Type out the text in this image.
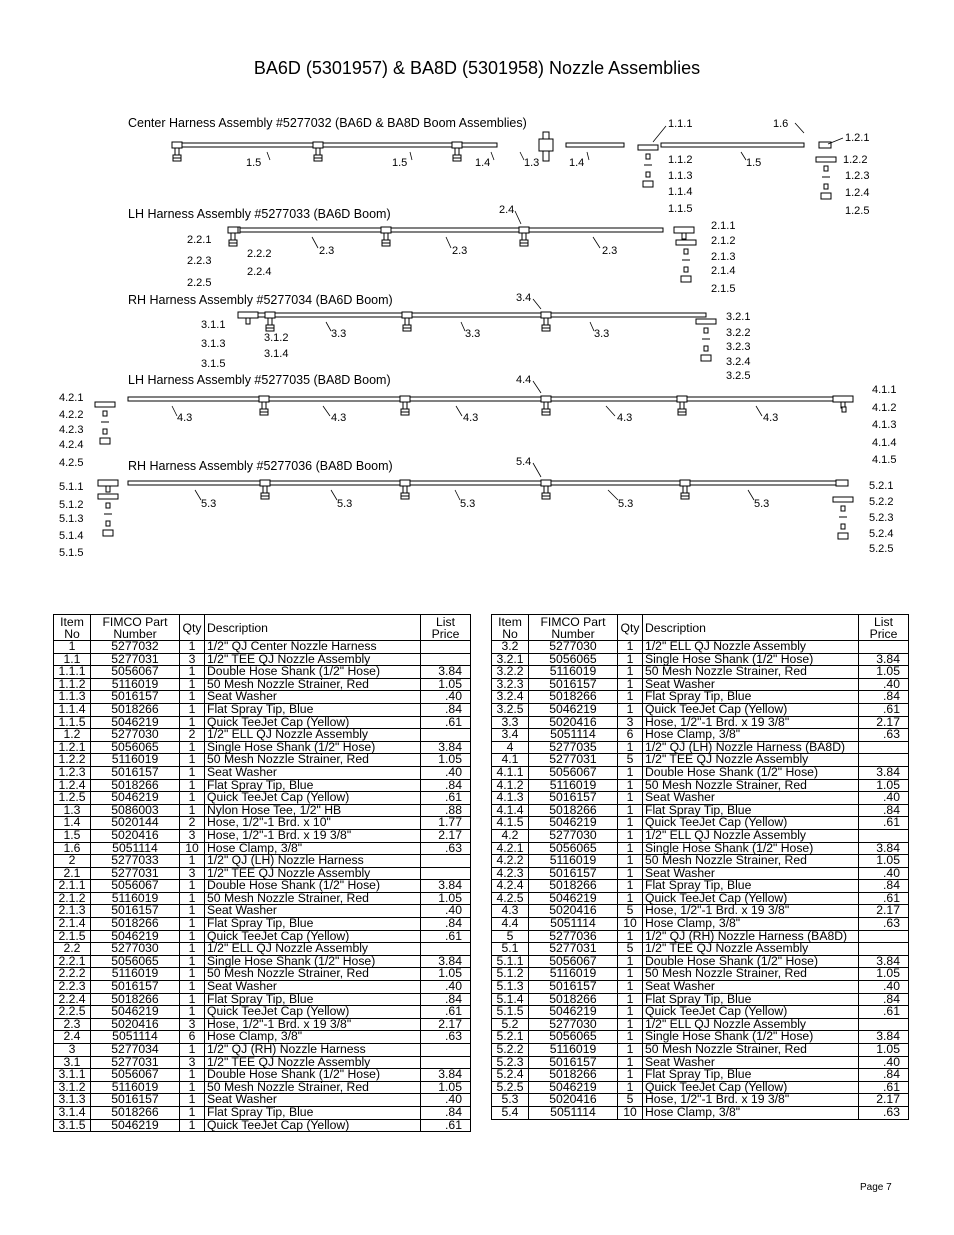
BA6D (5301957) & BA8D (5301958) Nozzle Assemblies
Center Harness Assembly #5277032 (BA6D & BA8D Boom Assemblies)
LH Harness Assembly #5277033 (BA6D Boom)
RH Harness Assembly #5277034 (BA6D Boom)
LH Harness Assembly #5277035 (BA8D Boom)
RH Harness Assembly #5277036 (BA8D Boom)
1.1.1	1.6
1.5	1.5	1.4	1.3	1.4	1.5
1.1.2
1.1.3
1.1.4
1.1.5
1.2.1
1.2.2
1.2.3
1.2.4
1.2.5
2.4
2.2.1
2.2.2
2.2.3
2.2.4
2.2.5
2.3	2.3	2.3
2.1.1
2.1.2
2.1.3
2.1.4
2.1.5
3.4
3.1.1
3.1.2
3.1.3
3.1.4
3.1.5
3.3	3.3	3.3
3.2.1
3.2.2
3.2.3
3.2.4
3.2.5
4.4
4.2.1
4.2.2
4.2.3
4.2.4
4.2.5
4.3	4.3	4.3	4.3	4.3
4.1.1
4.1.2
4.1.3
4.1.4
4.1.5
5.4
5.1.1
5.1.2
5.1.3
5.1.4
5.1.5
5.3	5.3	5.3	5.3	5.3
5.2.1
5.2.2
5.2.3
5.2.4
5.2.5
Item
No	FIMCO Part
Number	Qty	Description	List
Price
1	5277032	1	1/2" QJ Center Nozzle Harness	
1.1	5277031	3	1/2" TEE QJ Nozzle Assembly	
1.1.1	5056067	1	Double Hose Shank (1/2" Hose)	3.84
1.1.2	5116019	1	50 Mesh Nozzle Strainer, Red	1.05
1.1.3	5016157	1	Seat Washer	.40
1.1.4	5018266	1	Flat Spray Tip, Blue	.84
1.1.5	5046219	1	Quick TeeJet Cap (Yellow)	.61
1.2	5277030	2	1/2" ELL QJ Nozzle Assembly	
1.2.1	5056065	1	Single Hose Shank (1/2" Hose)	3.84
1.2.2	5116019	1	50 Mesh Nozzle Strainer, Red	1.05
1.2.3	5016157	1	Seat Washer	.40
1.2.4	5018266	1	Flat Spray Tip, Blue	.84
1.2.5	5046219	1	Quick TeeJet Cap (Yellow)	.61
1.3	5086003	1	Nylon Hose Tee, 1/2" HB	.88
1.4	5020144	2	Hose, 1/2"-1 Brd. x 10"	1.77
1.5	5020416	3	Hose, 1/2"-1 Brd. x 19 3/8"	2.17
1.6	5051114	10	Hose Clamp, 3/8"	.63
2	5277033	1	1/2" QJ (LH) Nozzle Harness	
2.1	5277031	3	1/2" TEE QJ Nozzle Assembly	
2.1.1	5056067	1	Double Hose Shank (1/2" Hose)	3.84
2.1.2	5116019	1	50 Mesh Nozzle Strainer, Red	1.05
2.1.3	5016157	1	Seat Washer	.40
2.1.4	5018266	1	Flat Spray Tip, Blue	.84
2.1.5	5046219	1	Quick TeeJet Cap (Yellow)	.61
2.2	5277030	1	1/2" ELL QJ Nozzle Assembly	
2.2.1	5056065	1	Single Hose Shank (1/2" Hose)	3.84
2.2.2	5116019	1	50 Mesh Nozzle Strainer, Red	1.05
2.2.3	5016157	1	Seat Washer	.40
2.2.4	5018266	1	Flat Spray Tip, Blue	.84
2.2.5	5046219	1	Quick TeeJet Cap (Yellow)	.61
2.3	5020416	3	Hose, 1/2"-1 Brd. x 19 3/8"	2.17
2.4	5051114	6	Hose Clamp, 3/8"	.63
3	5277034	1	1/2" QJ (RH) Nozzle Harness	
3.1	5277031	3	1/2" TEE QJ Nozzle Assembly	
3.1.1	5056067	1	Double Hose Shank (1/2" Hose)	3.84
3.1.2	5116019	1	50 Mesh Nozzle Strainer, Red	1.05
3.1.3	5016157	1	Seat Washer	.40
3.1.4	5018266	1	Flat Spray Tip, Blue	.84
3.1.5	5046219	1	Quick TeeJet Cap (Yellow)	.61
Item
No	FIMCO Part
Number	Qty	Description	List
Price
3.2	5277030	1	1/2" ELL QJ Nozzle Assembly	
3.2.1	5056065	1	Single Hose Shank (1/2" Hose)	3.84
3.2.2	5116019	1	50 Mesh Nozzle Strainer, Red	1.05
3.2.3	5016157	1	Seat Washer	.40
3.2.4	5018266	1	Flat Spray Tip, Blue	.84
3.2.5	5046219	1	Quick TeeJet Cap (Yellow)	.61
3.3	5020416	3	Hose, 1/2"-1 Brd. x 19 3/8"	2.17
3.4	5051114	6	Hose Clamp, 3/8"	.63
4	5277035	1	1/2" QJ (LH) Nozzle Harness (BA8D)	
4.1	5277031	5	1/2" TEE QJ Nozzle Assembly	
4.1.1	5056067	1	Double Hose Shank (1/2" Hose)	3.84
4.1.2	5116019	1	50 Mesh Nozzle Strainer, Red	1.05
4.1.3	5016157	1	Seat Washer	.40
4.1.4	5018266	1	Flat Spray Tip, Blue	.84
4.1.5	5046219	1	Quick TeeJet Cap (Yellow)	.61
4.2	5277030	1	1/2" ELL QJ Nozzle Assembly	
4.2.1	5056065	1	Single Hose Shank (1/2" Hose)	3.84
4.2.2	5116019	1	50 Mesh Nozzle Strainer, Red	1.05
4.2.3	5016157	1	Seat Washer	.40
4.2.4	5018266	1	Flat Spray Tip, Blue	.84
4.2.5	5046219	1	Quick TeeJet Cap (Yellow)	.61
4.3	5020416	5	Hose, 1/2"-1 Brd. x 19 3/8"	2.17
4.4	5051114	10	Hose Clamp, 3/8"	.63
5	5277036	1	1/2" QJ (RH) Nozzle Harness (BA8D)	
5.1	5277031	5	1/2" TEE QJ Nozzle Assembly	
5.1.1	5056067	1	Double Hose Shank (1/2" Hose)	3.84
5.1.2	5116019	1	50 Mesh Nozzle Strainer, Red	1.05
5.1.3	5016157	1	Seat Washer	.40
5.1.4	5018266	1	Flat Spray Tip, Blue	.84
5.1.5	5046219	1	Quick TeeJet Cap (Yellow)	.61
5.2	5277030	1	1/2" ELL QJ Nozzle Assembly	
5.2.1	5056065	1	Single Hose Shank (1/2" Hose)	3.84
5.2.2	5116019	1	50 Mesh Nozzle Strainer, Red	1.05
5.2.3	5016157	1	Seat Washer	.40
5.2.4	5018266	1	Flat Spray Tip, Blue	.84
5.2.5	5046219	1	Quick TeeJet Cap (Yellow)	.61
5.3	5020416	5	Hose, 1/2"-1 Brd. x 19 3/8"	2.17
5.4	5051114	10	Hose Clamp, 3/8"	.63
Page 7
